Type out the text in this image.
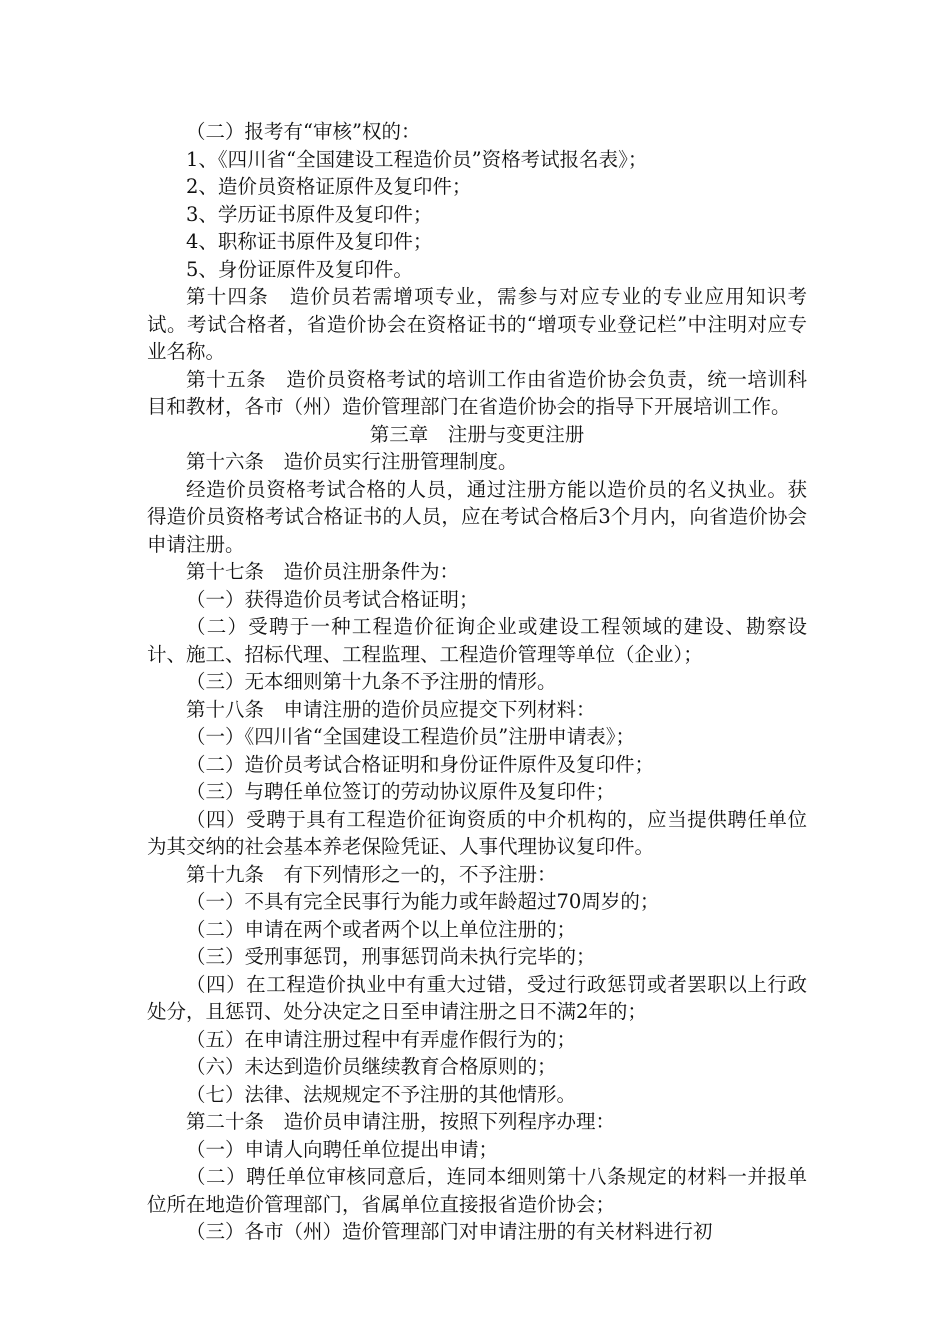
（二）报考有“审核”权的：

1、《四川省“全国建设工程造价员”资格考试报名表》；

2、造价员资格证原件及复印件；

3、学历证书原件及复印件；

4、职称证书原件及复印件；

5、身份证原件及复印件。

第十四条　造价员若需增项专业，需参与对应专业的专业应用知识考试。考试合格者，省造价协会在资格证书的“增项专业登记栏”中注明对应专业名称。

第十五条　造价员资格考试的培训工作由省造价协会负责，统一培训科目和教材，各市（州）造价管理部门在省造价协会的指导下开展培训工作。

第三章　注册与变更注册

第十六条　造价员实行注册管理制度。

经造价员资格考试合格的人员，通过注册方能以造价员的名义执业。获得造价员资格考试合格证书的人员，应在考试合格后3个月内，向省造价协会申请注册。

第十七条　造价员注册条件为：

（一）获得造价员考试合格证明；

（二）受聘于一种工程造价征询企业或建设工程领域的建设、勘察设计、施工、招标代理、工程监理、工程造价管理等单位（企业）；

（三）无本细则第十九条不予注册的情形。

第十八条　申请注册的造价员应提交下列材料：

（一）《四川省“全国建设工程造价员”注册申请表》；

（二）造价员考试合格证明和身份证件原件及复印件；

（三）与聘任单位签订的劳动协议原件及复印件；

（四）受聘于具有工程造价征询资质的中介机构的，应当提供聘任单位为其交纳的社会基本养老保险凭证、人事代理协议复印件。

第十九条　有下列情形之一的，不予注册：

（一）不具有完全民事行为能力或年龄超过70周岁的；

（二）申请在两个或者两个以上单位注册的；

（三）受刑事惩罚，刑事惩罚尚未执行完毕的；

（四）在工程造价执业中有重大过错，受过行政惩罚或者罢职以上行政处分，且惩罚、处分决定之日至申请注册之日不满2年的；

（五）在申请注册过程中有弄虚作假行为的；

（六）未达到造价员继续教育合格原则的；

（七）法律、法规规定不予注册的其他情形。

第二十条　造价员申请注册，按照下列程序办理：

（一）申请人向聘任单位提出申请；

（二）聘任单位审核同意后，连同本细则第十八条规定的材料一并报单位所在地造价管理部门，省属单位直接报省造价协会；

（三）各市（州）造价管理部门对申请注册的有关材料进行初
